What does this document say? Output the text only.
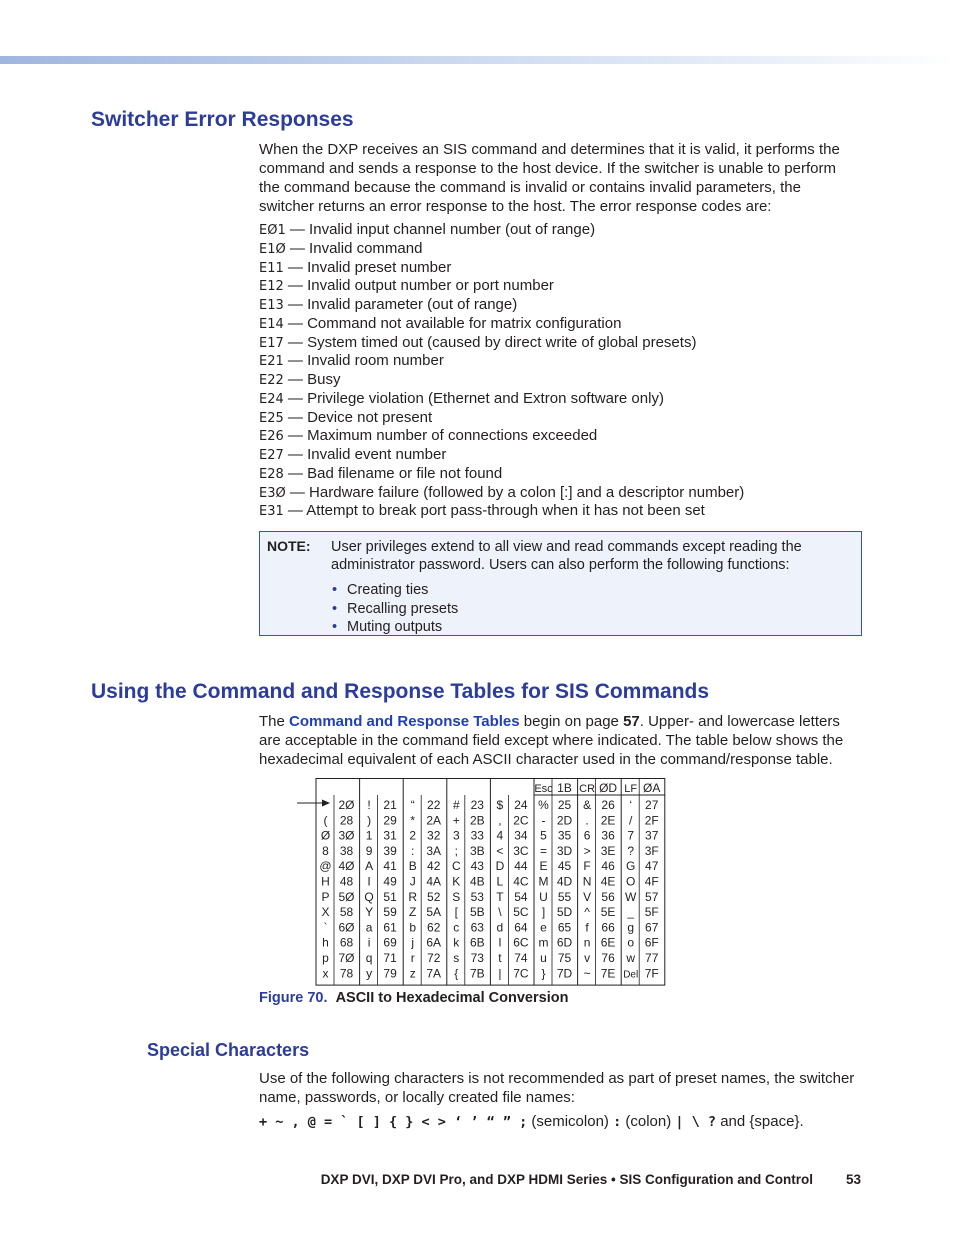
Switcher Error Responses

When the DXP receives an SIS command and determines that it is valid, it performs the command and sends a response to the host device. If the switcher is unable to perform the command because the command is invalid or contains invalid parameters, the switcher returns an error response to the host. The error response codes are:

EØ1 — Invalid input channel number (out of range)
E1Ø — Invalid command
E11 — Invalid preset number
E12 — Invalid output number or port number
E13 — Invalid parameter (out of range)
E14 — Command not available for matrix configuration
E17 — System timed out (caused by direct write of global presets)
E21 — Invalid room number
E22 — Busy
E24 — Privilege violation (Ethernet and Extron software only)
E25 — Device not present
E26 — Maximum number of connections exceeded
E27 — Invalid event number
E28 — Bad filename or file not found
E3Ø — Hardware failure (followed by a colon [:] and a descriptor number)
E31 — Attempt to break port pass-through when it has not been set
NOTE: User privileges extend to all view and read commands except reading the administrator password. Users can also perform the following functions:
• Creating ties
• Recalling presets
• Muting outputs
Using the Command and Response Tables for SIS Commands

The Command and Response Tables begin on page 57. Upper- and lowercase letters are acceptable in the command field except where indicated. The table below shows the hexadecimal equivalent of each ASCII character used in the command/response table.

Esc 1B CR ØD LF ØA
2Ø ! 21 “ 22 # 23 $ 24 % 25 & 26 ‘ 27
( 28 ) 29 * 2A + 2B , 2C - 2D . 2E / 2F
Ø 3Ø 1 31 2 32 3 33 4 34 5 35 6 36 7 37
8 38 9 39 : 3A ; 3B < 3C = 3D > 3E ? 3F
@ 4Ø A 41 B 42 C 43 D 44 E 45 F 46 G 47
H 48 I 49 J 4A K 4B L 4C M 4D N 4E O 4F
P 5Ø Q 51 R 52 S 53 T 54 U 55 V 56 W 57
X 58 Y 59 Z 5A [ 5B \ 5C ] 5D ^ 5E _ 5F
` 6Ø a 61 b 62 c 63 d 64 e 65 f 66 g 67
h 68 i 69 j 6A k 6B l 6C m 6D n 6E o 6F
p 7Ø q 71 r 72 s 73 t 74 u 75 v 76 w 77
x 78 y 79 z 7A { 7B | 7C } 7D ~ 7E Del 7F
Figure 70. ASCII to Hexadecimal Conversion
Special Characters

Use of the following characters is not recommended as part of preset names, the switcher name, passwords, or locally created file names:

+ ~ , @ = ` [ ] { } < > ‘ ’ “ ” ; (semicolon) : (colon) | \ ? and {space}.
DXP DVI, DXP DVI Pro, and DXP HDMI Series • SIS Configuration and Control 53
